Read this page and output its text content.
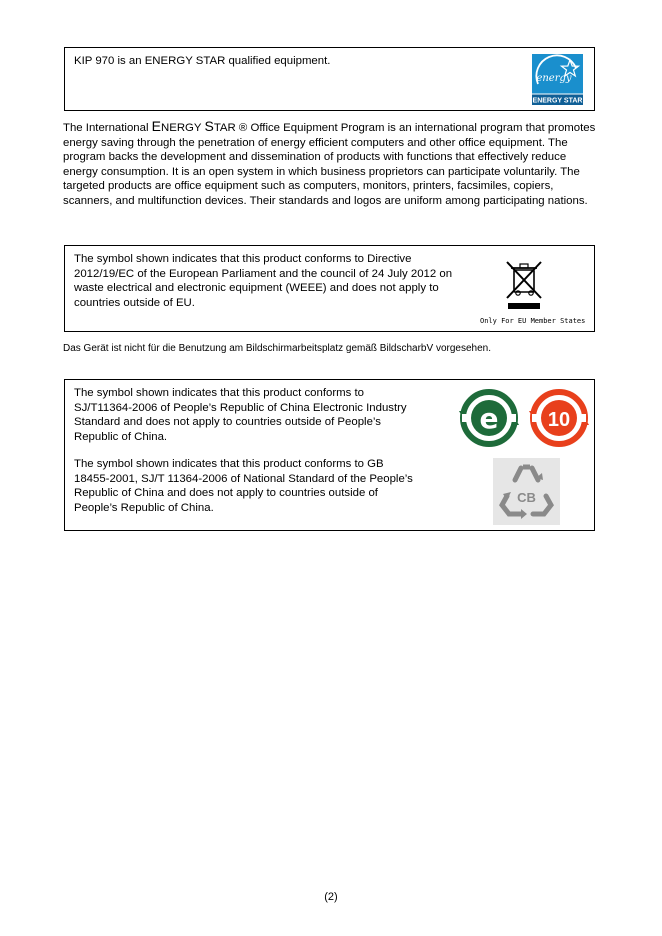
KIP 970 is an ENERGY STAR qualified equipment.
energy
ENERGY STAR
The International ENERGY STAR ® Office Equipment Program is an international program that promotes energy saving through the penetration of energy efficient computers and other office equipment. The program backs the development and dissemination of products with functions that effectively reduce energy consumption. It is an open system in which business proprietors can participate voluntarily. The targeted products are office equipment such as computers, monitors, printers, facsimiles, copiers, scanners, and multifunction devices. Their standards and logos are uniform among participating nations.
The symbol shown indicates that this product conforms to Directive 2012/19/EC of the European Parliament and the council of 24 July 2012 on waste electrical and electronic equipment (WEEE) and does not apply to countries outside of EU.
Only For EU Member States
Das Gerät ist nicht für die Benutzung am Bildschirmarbeitsplatz gemäß BildscharbV vorgesehen.
The symbol shown indicates that this product conforms to SJ/T11364-2006 of People’s Republic of China Electronic Industry Standard and does not apply to countries outside of People’s Republic of China.
The symbol shown indicates that this product conforms to GB 18455-2001, SJ/T 11364-2006 of National Standard of the People’s Republic of China and does not apply to countries outside of People’s Republic of China.
e 10
CB
(2)
